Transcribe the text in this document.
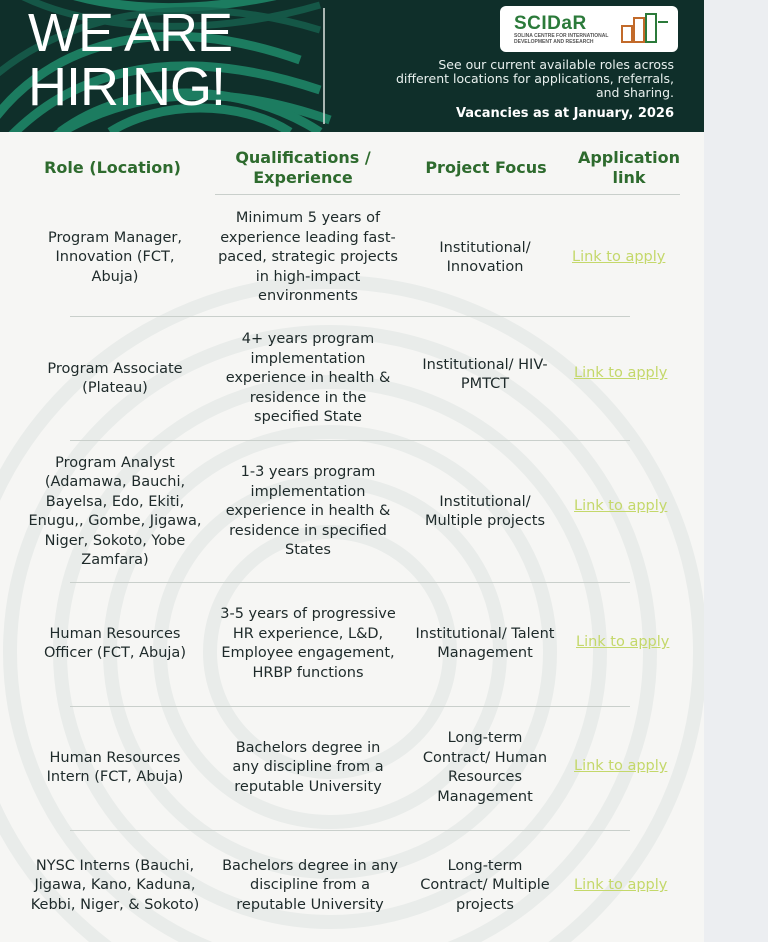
WE ARE
HIRING!
SCIDaR
SOLINA CENTRE FOR INTERNATIONAL DEVELOPMENT AND RESEARCH
See our current available roles across different locations for applications, referrals, and sharing.
Vacancies as at January, 2026
Role (Location)
Qualifications / Experience
Project Focus
Application link
Program Manager, Innovation (FCT, Abuja)
Minimum 5 years of experience leading fast-paced, strategic projects in high-impact environments
Institutional/ Innovation
Link to apply
Program Associate (Plateau)
4+ years program implementation experience in health & residence in the specified State
Institutional/ HIV-PMTCT
Link to apply
Program Analyst (Adamawa, Bauchi, Bayelsa, Edo, Ekiti, Enugu,, Gombe, Jigawa, Niger, Sokoto, Yobe Zamfara)
1-3 years program implementation experience in health & residence in specified States
Institutional/ Multiple projects
Link to apply
Human Resources Officer (FCT, Abuja)
3-5 years of progressive HR experience, L&D, Employee engagement, HRBP functions
Institutional/ Talent Management
Link to apply
Human Resources Intern (FCT, Abuja)
Bachelors degree in any discipline from a reputable University
Long-term Contract/ Human Resources Management
Link to apply
NYSC Interns (Bauchi, Jigawa, Kano, Kaduna, Kebbi, Niger, & Sokoto)
Bachelors degree in any discipline from a reputable University
Long-term Contract/ Multiple projects
Link to apply
